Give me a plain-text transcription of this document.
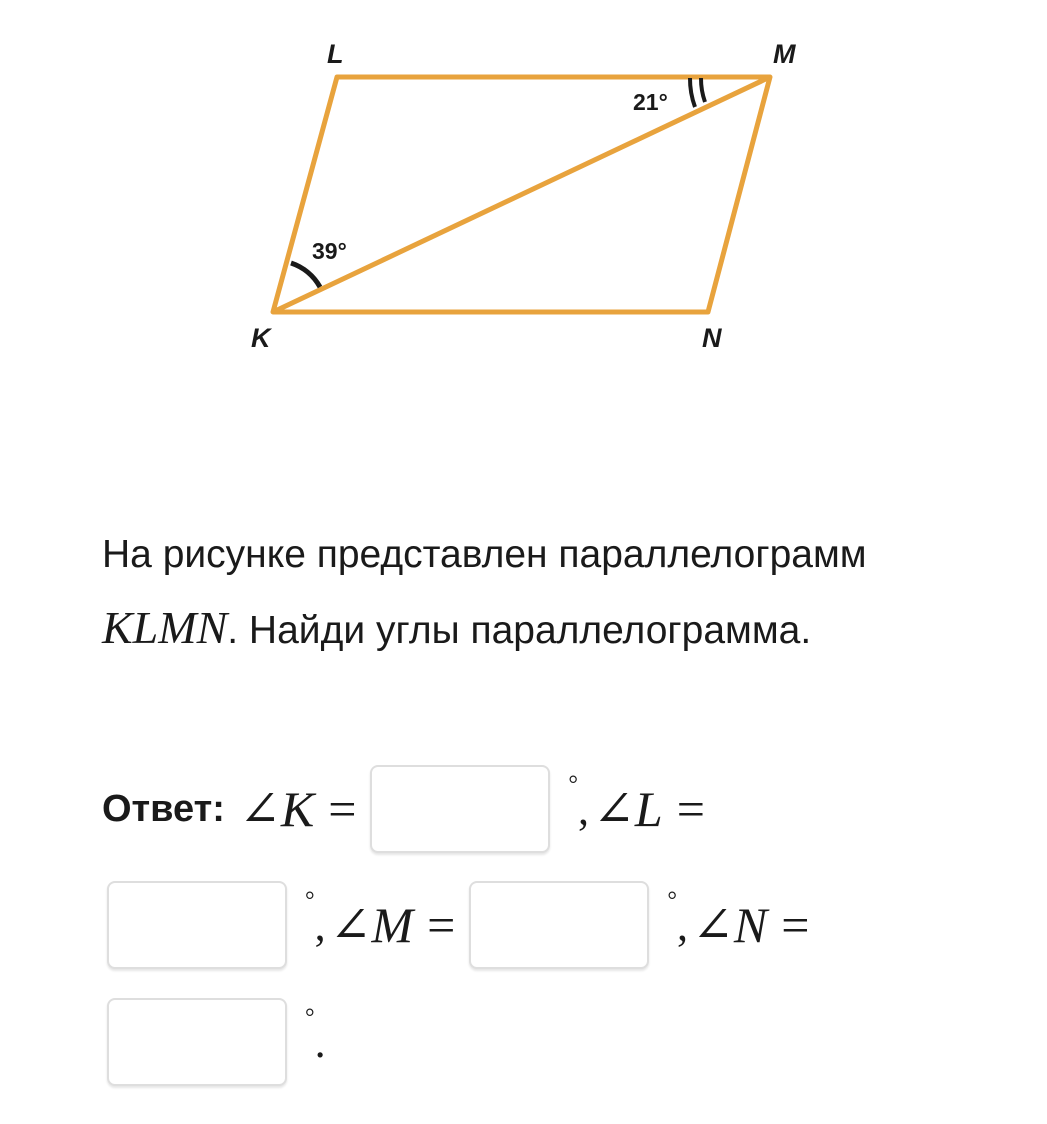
L	M
K	N
39°
21°
На рисунке представлен параллелограмм KLMN. Найди углы параллелограмма.
Ответ: ∠ K =	° , ∠ L =
° , ∠ M =	° , ∠ N =
° .
